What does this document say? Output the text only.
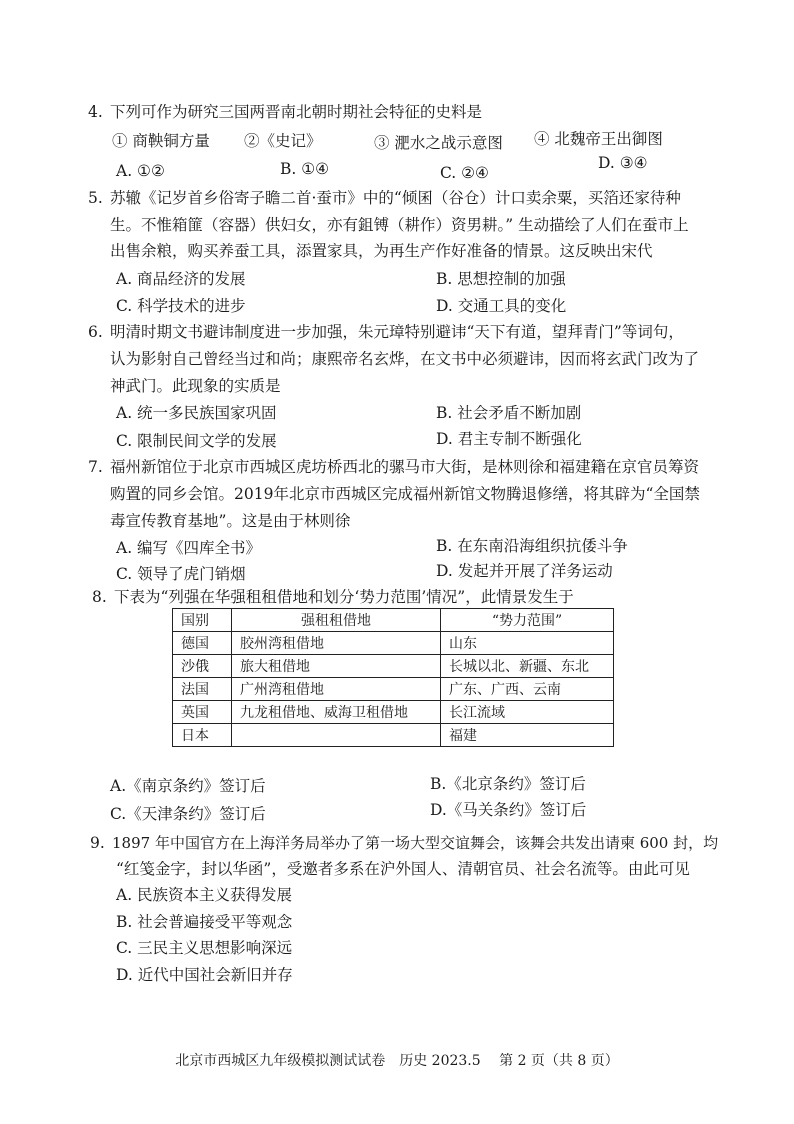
4. 下列可作为研究三国两晋南北朝时期社会特征的史料是
① 商鞅铜方量 ②《史记》	③ 淝水之战示意图 ④ 北魏帝王出御图
A. ①②	B. ①④	C. ②④
D. ③④
5. 苏辙《记岁首乡俗寄子瞻二首·蚕市》中的“倾囷（谷仓）计口卖余粟，买箔还家待种
生。不惟箱篚（容器）供妇女，亦有鉏镈（耕作）资男耕。” 生动描绘了人们在蚕市上
出售余粮，购买养蚕工具，添置家具，为再生产作好准备的情景。这反映出宋代
A. 商品经济的发展	B. 思想控制的加强
C. 科学技术的进步	D. 交通工具的变化
6. 明清时期文书避讳制度进一步加强，朱元璋特别避讳“天下有道，望拜青门”等词句，
认为影射自己曾经当过和尚；康熙帝名玄烨，在文书中必须避讳，因而将玄武门改为了
神武门。此现象的实质是
A. 统一多民族国家巩固	B. 社会矛盾不断加剧
C. 限制民间文学的发展	D. 君主专制不断强化
7. 福州新馆位于北京市西城区虎坊桥西北的骡马市大街，是林则徐和福建籍在京官员筹资
购置的同乡会馆。2019年北京市西城区完成福州新馆文物腾退修缮，将其辟为“全国禁
毒宣传教育基地”。这是由于林则徐
A. 编写《四库全书》	B. 在东南沿海组织抗倭斗争
C. 领导了虎门销烟	D. 发起并开展了洋务运动
8. 下表为“列强在华强租租借地和划分‘势力范围’情况”，此情景发生于
国别	强租租借地	“势力范围”
德国	胶州湾租借地	山东
沙俄	旅大租借地	长城以北、新疆、东北
法国	广州湾租借地	广东、广西、云南
英国	九龙租借地、威海卫租借地	长江流域
日本		福建
A.《南京条约》签订后	B.《北京条约》签订后
C.《天津条约》签订后	D.《马关条约》签订后
9. 1897 年中国官方在上海洋务局举办了第一场大型交谊舞会，该舞会共发出请柬 600 封，均
“红笺金字，封以华函”，受邀者多系在沪外国人、清朝官员、社会名流等。由此可见
A. 民族资本主义获得发展
B. 社会普遍接受平等观念
C. 三民主义思想影响深远
D. 近代中国社会新旧并存
北京市西城区九年级模拟测试试卷　历史 2023.5　 第 2 页（共 8 页）
